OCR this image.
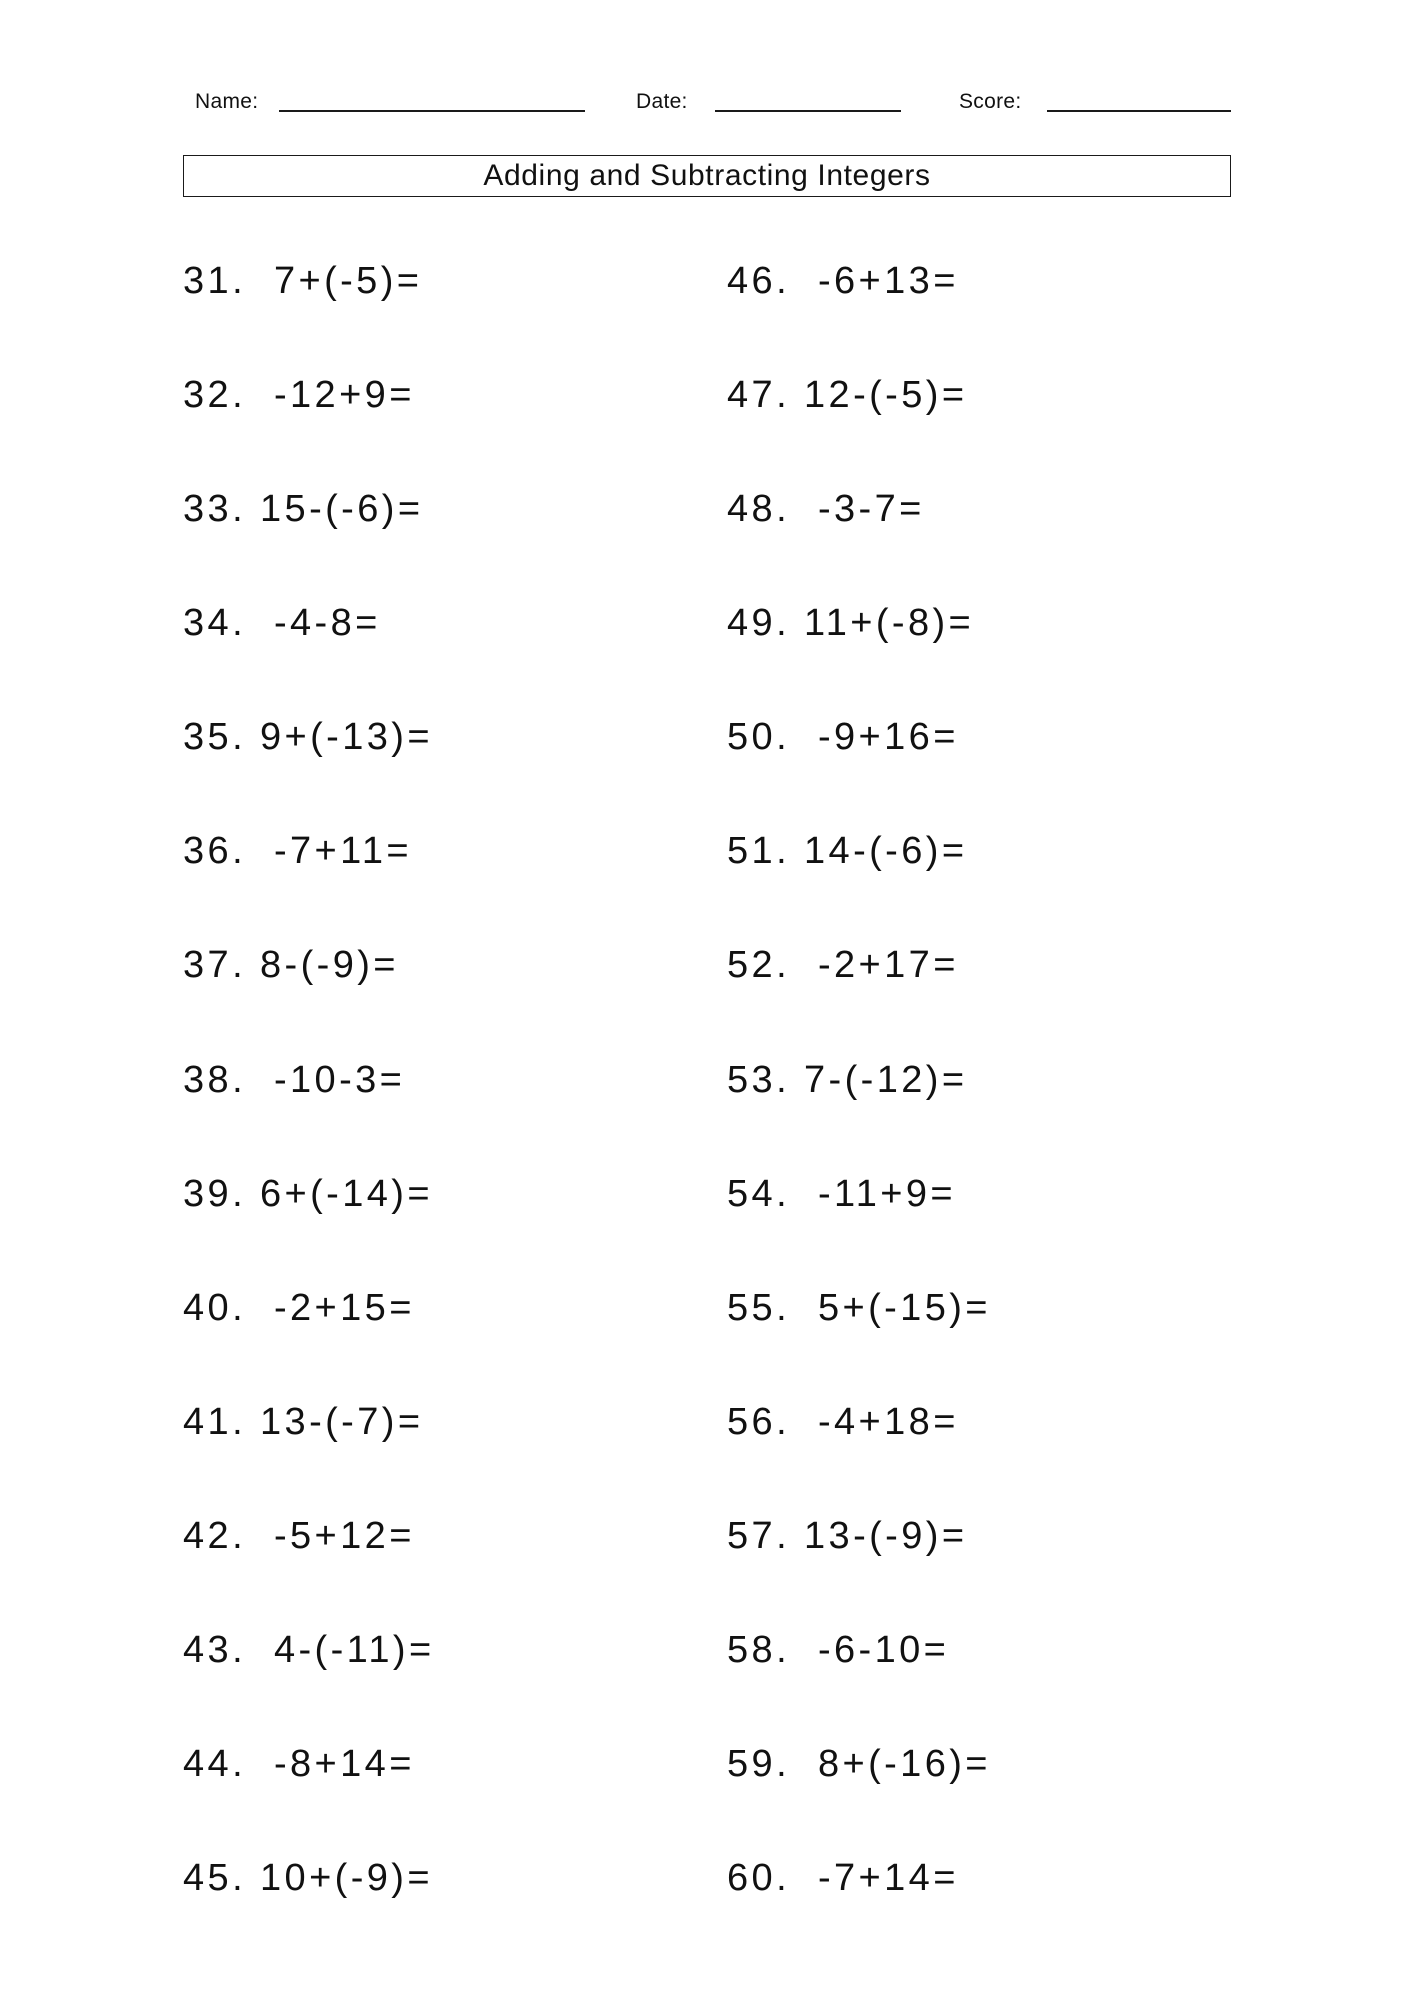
Name:	Date:	Score:
Adding and Subtracting Integers
31. 7+(-5)=
32. -12+9=
33. 15-(-6)=
34. -4-8=
35. 9+(-13)=
36. -7+11=
37. 8-(-9)=
38. -10-3=
39. 6+(-14)=
40. -2+15=
41. 13-(-7)=
42. -5+12=
43. 4-(-11)=
44. -8+14=
45. 10+(-9)=
46. -6+13=
47. 12-(-5)=
48. -3-7=
49. 11+(-8)=
50. -9+16=
51. 14-(-6)=
52. -2+17=
53. 7-(-12)=
54. -11+9=
55. 5+(-15)=
56. -4+18=
57. 13-(-9)=
58. -6-10=
59. 8+(-16)=
60. -7+14=
